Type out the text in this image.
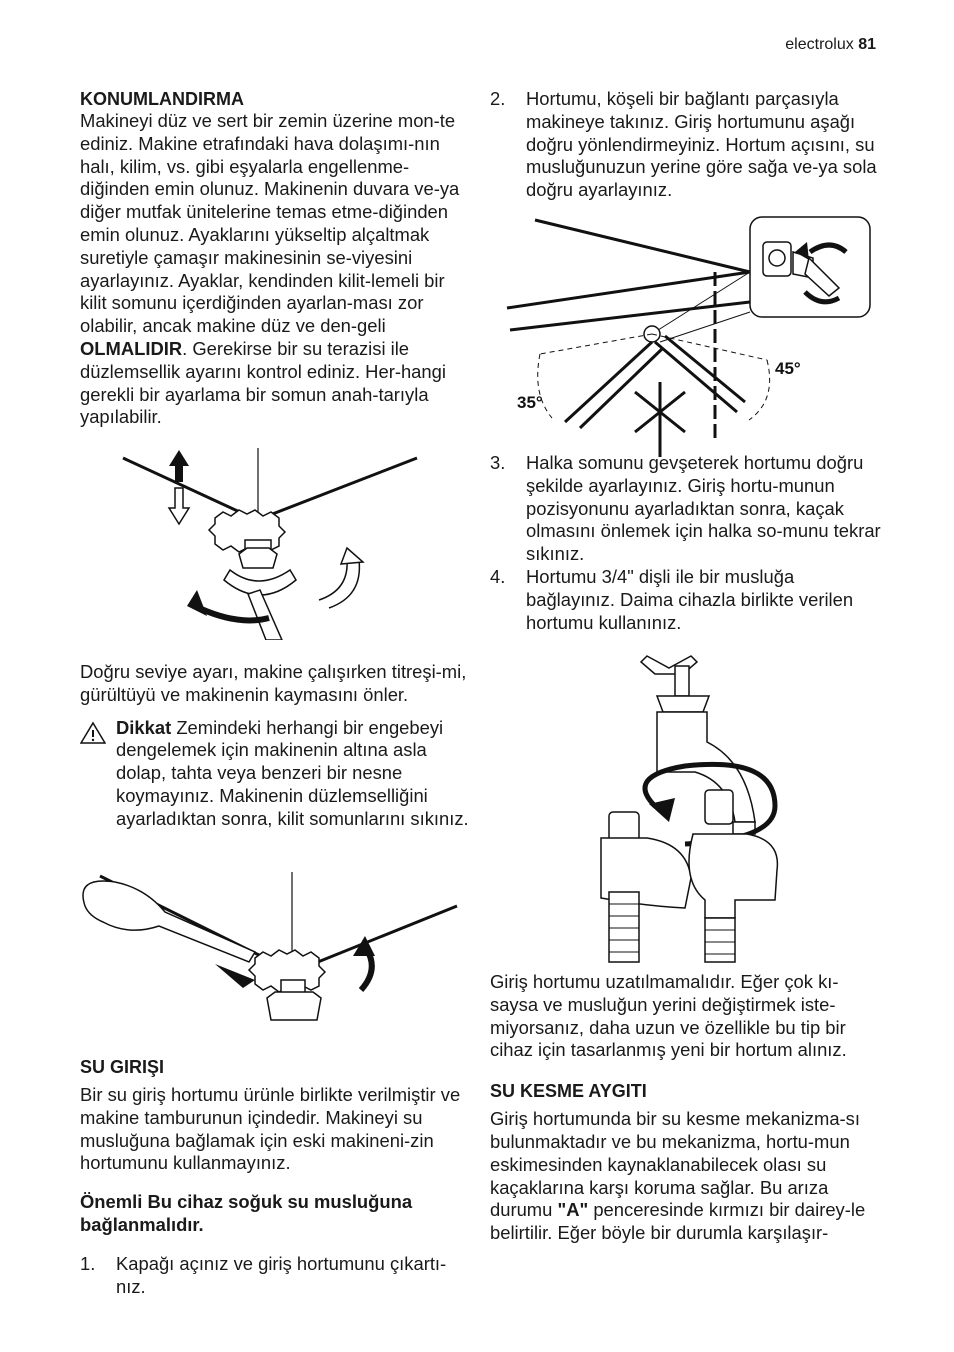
electrolux 81
KONUMLANDIRMA

Makineyi düz ve sert bir zemin üzerine mon-te ediniz. Makine etrafındaki hava dolaşımı-nın halı, kilim, vs. gibi eşyalarla engellenme-diğinden emin olunuz. Makinenin duvara ve-ya diğer mutfak ünitelerine temas etme-diğinden emin olunuz. Ayaklarını yükseltip alçaltmak suretiyle çamaşır makinesinin se-viyesini ayarlayınız. Ayaklar, kendinden kilit-lemeli bir kilit somunu içerdiğinden ayarlan-ması zor olabilir, ancak makine düz ve den-geli OLMALIDIR. Gerekirse bir su terazisi ile düzlemsellik ayarını kontrol ediniz. Her-hangi gerekli bir ayarlama bir somun anah-tarıyla yapılabilir.

Doğru seviye ayarı, makine çalışırken titreşi-mi, gürültüyü ve makinenin kaymasını önler.

Dikkat Zemindeki herhangi bir engebeyi dengelemek için makinenin altına asla dolap, tahta veya benzeri bir nesne koymayınız. Makinenin düzlemselliğini ayarladıktan sonra, kilit somunlarını sıkınız.

SU GIRIŞI

Bir su giriş hortumu ürünle birlikte verilmiştir ve makine tamburunun içindedir. Makineyi su musluğuna bağlamak için eski makineni-zin hortumunu kullanmayınız.

Önemli Bu cihaz soğuk su musluğuna bağlanmalıdır.

1. Kapağı açınız ve giriş hortumunu çıkartı-nız.
2. Hortumu, köşeli bir bağlantı parçasıyla makineye takınız. Giriş hortumunu aşağı doğru yönlendirmeyiniz. Hortum açısını, su musluğunuzun yerine göre sağa ve-ya sola doğru ayarlayınız.
35°
45°
3. Halka somunu gevşeterek hortumu doğru şekilde ayarlayınız. Giriş hortu-munun pozisyonunu ayarladıktan sonra, kaçak olmasını önlemek için halka so-munu tekrar sıkınız.
4. Hortumu 3/4" dişli ile bir musluğa bağlayınız. Daima cihazla birlikte verilen hortumu kullanınız.

Giriş hortumu uzatılmamalıdır. Eğer çok kı-saysa ve musluğun yerini değiştirmek iste-miyorsanız, daha uzun ve özellikle bu tip bir cihaz için tasarlanmış yeni bir hortum alınız.

SU KESME AYGITI

Giriş hortumunda bir su kesme mekanizma-sı bulunmaktadır ve bu mekanizma, hortu-mun eskimesinden kaynaklanabilecek olası su kaçaklarına karşı koruma sağlar. Bu arıza durumu "A" penceresinde kırmızı bir dairey-le belirtilir. Eğer böyle bir durumla karşılaşır-
